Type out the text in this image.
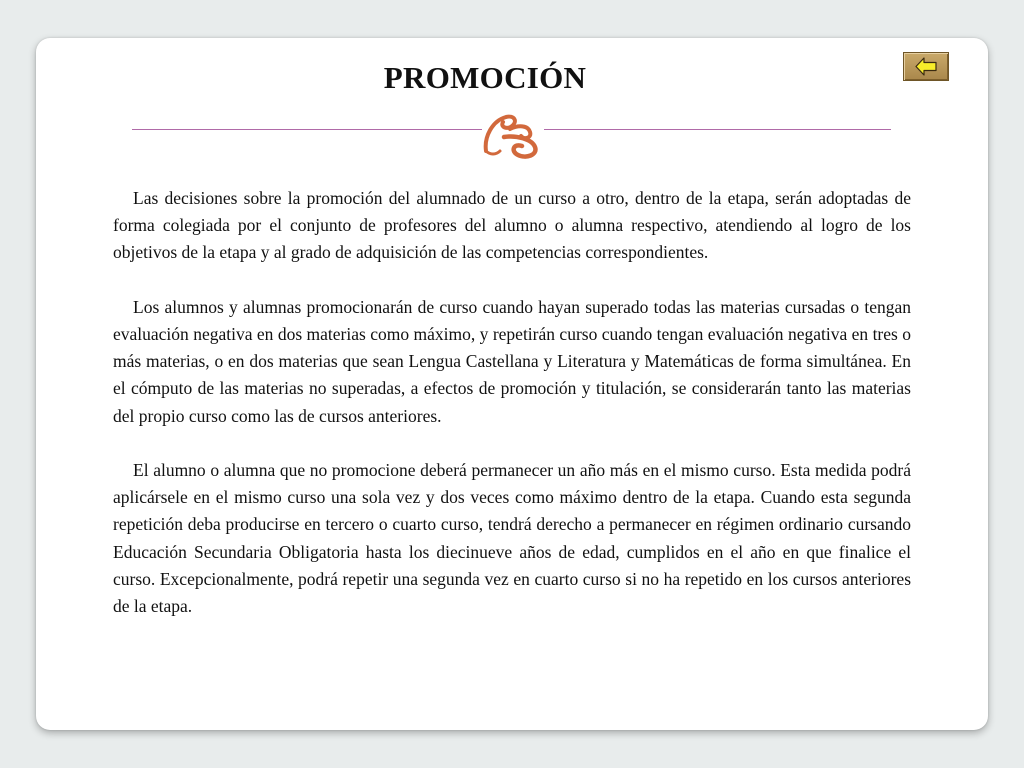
PROMOCIÓN

Las decisiones sobre la promoción del alumnado de un curso a otro, dentro de la etapa, serán adoptadas de forma colegiada por el conjunto de profesores del alumno o alumna respectivo, atendiendo al logro de los objetivos de la etapa y al grado de adquisición de las competencias correspondientes.

Los alumnos y alumnas promocionarán de curso cuando hayan superado todas las materias cursadas o tengan evaluación negativa en dos materias como máximo, y repetirán curso cuando tengan evaluación negativa en tres o más materias, o en dos materias que sean Lengua Castellana y Literatura y Matemáticas de forma simultánea. En el cómputo de las materias no superadas, a efectos de promoción y titulación, se considerarán tanto las materias del propio curso como las de cursos anteriores.

El alumno o alumna que no promocione deberá permanecer un año más en el mismo curso. Esta medida podrá aplicársele en el mismo curso una sola vez y dos veces como máximo dentro de la etapa. Cuando esta segunda repetición deba producirse en tercero o cuarto curso, tendrá derecho a permanecer en régimen ordinario cursando Educación Secundaria Obligatoria hasta los diecinueve años de edad, cumplidos en el año en que finalice el curso. Excepcionalmente, podrá repetir una segunda vez en cuarto curso si no ha repetido en los cursos anteriores de la etapa.
